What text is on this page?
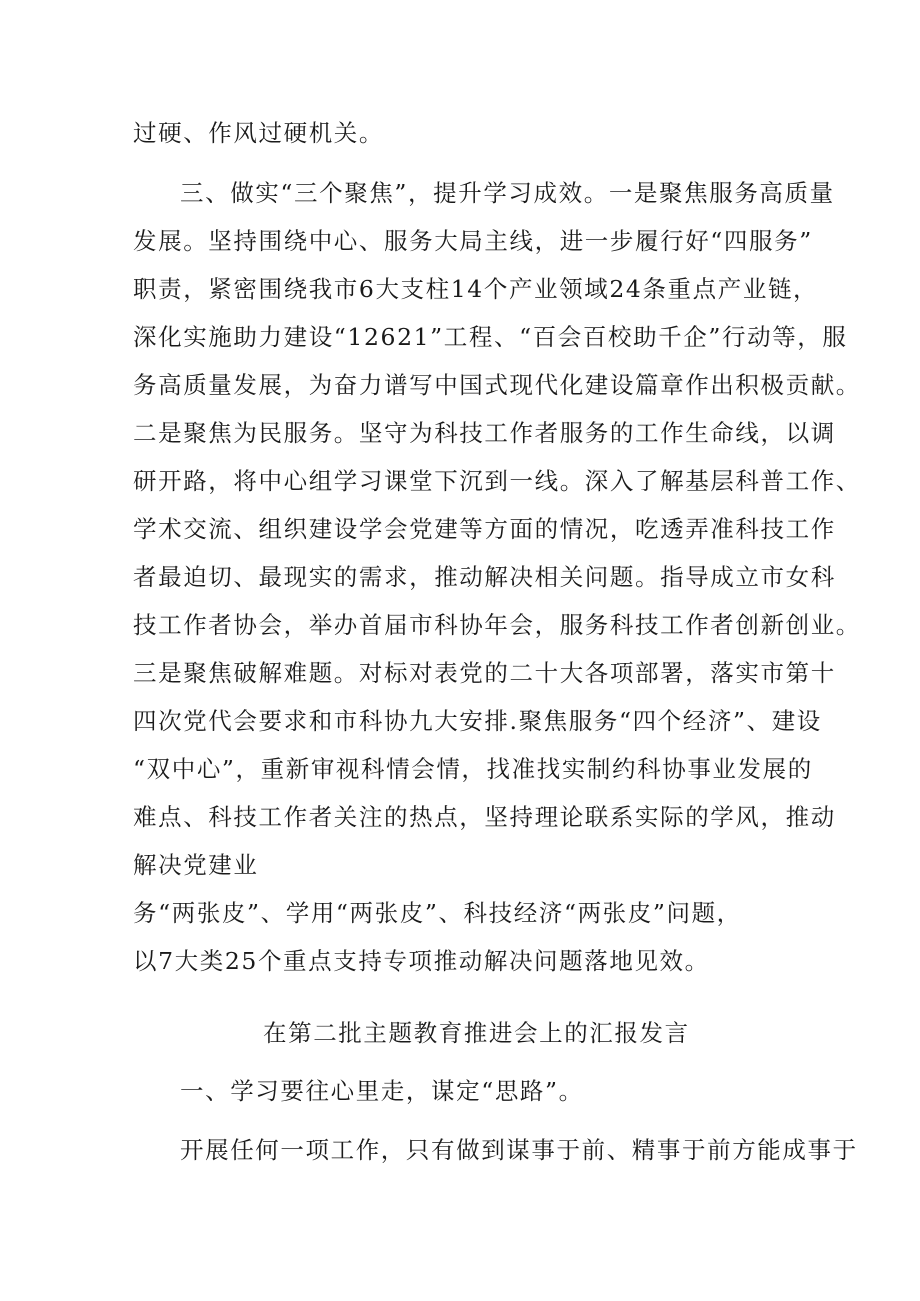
过硬、作风过硬机关。
三、做实“三个聚焦”，提升学习成效。一是聚焦服务高质量
发展。坚持围绕中心、服务大局主线，进一步履行好“四服务”
职责，紧密围绕我市6大支柱14个产业领域24条重点产业链，
深化实施助力建设“12621”工程、“百会百校助千企”行动等，服
务高质量发展，为奋力谱写中国式现代化建设篇章作出积极贡献。
二是聚焦为民服务。坚守为科技工作者服务的工作生命线，以调
研开路，将中心组学习课堂下沉到一线。深入了解基层科普工作、
学术交流、组织建设学会党建等方面的情况，吃透弄准科技工作
者最迫切、最现实的需求，推动解决相关问题。指导成立市女科
技工作者协会，举办首届市科协年会，服务科技工作者创新创业。
三是聚焦破解难题。对标对表党的二十大各项部署，落实市第十
四次党代会要求和市科协九大安排.聚焦服务“四个经济”、建设
“双中心”，重新审视科情会情，找准找实制约科协事业发展的
难点、科技工作者关注的热点，坚持理论联系实际的学风，推动
解决党建业
务“两张皮”、学用“两张皮”、科技经济“两张皮”问题，
以7大类25个重点支持专项推动解决问题落地见效。
在第二批主题教育推进会上的汇报发言
一、学习要往心里走，谋定“思路”。
开展任何一项工作，只有做到谋事于前、精事于前方能成事于
